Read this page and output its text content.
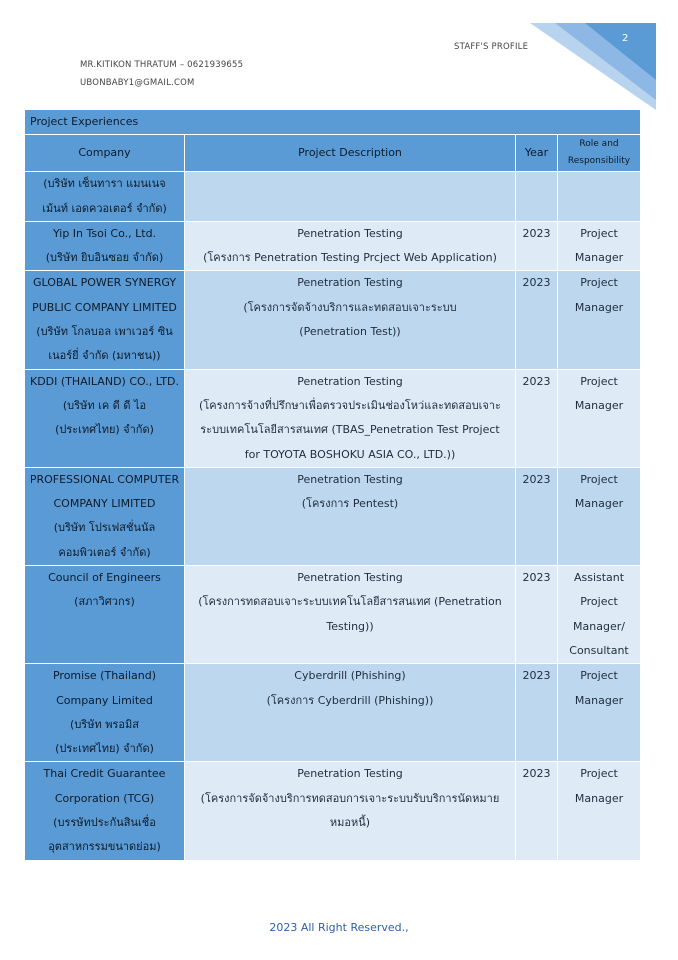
2
STAFF'S PROFILE
MR.KITIKON THRATUM – 0621939655
UBONBABY1@GMAIL.COM
Project Experiences			
Company	Project Description	Year	Role and
Responsibility

(บริษัท เซ็นทารา แมนเนจ
เม้นท์ เอดควอเตอร์ จำกัด)			

Yip In Tsoi Co., Ltd.
(บริษัท ยิบอินซอย จำกัด)	Penetration Testing
(โครงการ Penetration Testing Prcject Web Application)	2023	Project
Manager

GLOBAL POWER SYNERGY
PUBLIC COMPANY LIMITED
(บริษัท โกลบอล เพาเวอร์ ซิน
เนอร์ยี่ จำกัด (มหาชน))	Penetration Testing
(โครงการจัดจ้างบริการและทดสอบเจาะระบบ
(Penetration Test))	2023	Project
Manager

KDDI (THAILAND) CO., LTD.
(บริษัท เค ดี ดี ไอ
(ประเทศไทย) จำกัด)	Penetration Testing
(โครงการจ้างที่ปรึกษาเพื่อตรวจประเมินช่องโหว่และทดสอบเจาะ
ระบบเทคโนโลยีสารสนเทศ (TBAS_Penetration Test Project
for TOYOTA BOSHOKU ASIA CO., LTD.))	2023	Project
Manager

PROFESSIONAL COMPUTER
COMPANY LIMITED
(บริษัท โปรเฟสชั่นนัล
คอมพิวเตอร์ จำกัด)	Penetration Testing
(โครงการ Pentest)	2023	Project
Manager

Council of Engineers
(สภาวิศวกร)	Penetration Testing
(โครงการทดสอบเจาะระบบเทคโนโลยีสารสนเทศ (Penetration
Testing))	2023	Assistant
Project
Manager/
Consultant

Promise (Thailand)
Company Limited
(บริษัท พรอมิส
(ประเทศไทย) จำกัด)	Cyberdrill (Phishing)
(โครงการ Cyberdrill (Phishing))	2023	Project
Manager

Thai Credit Guarantee
Corporation (TCG)
(บรรษัทประกันสินเชื่อ
อุตสาหกรรมขนาดย่อม)	Penetration Testing
(โครงการจัดจ้างบริการทดสอบการเจาะระบบรับบริการนัดหมาย
หมอหนี้)	2023	Project
Manager
2023 All Right Reserved.,
